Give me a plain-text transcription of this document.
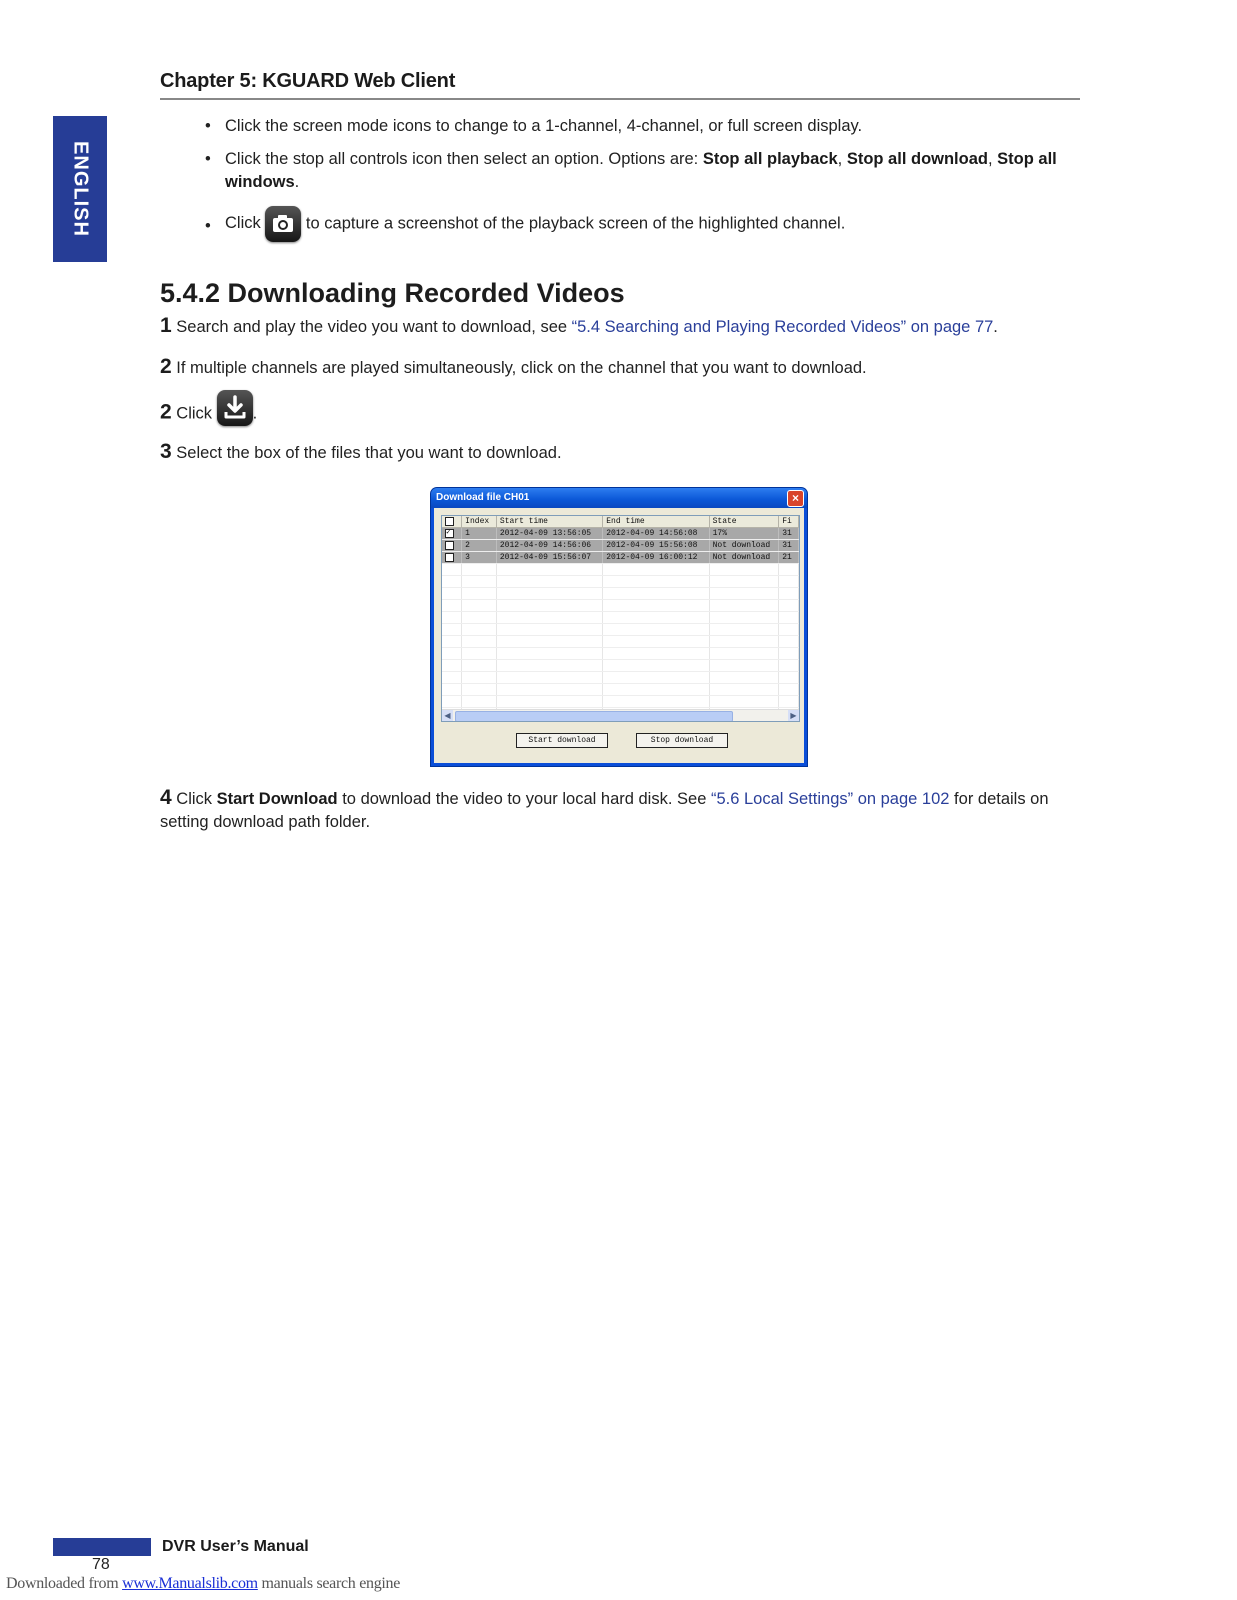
Chapter 5: KGUARD Web Client
ENGLISH
• Click the screen mode icons to change to a 1-channel, 4-channel, or full screen display.
• Click the stop all controls icon then select an option. Options are: Stop all playback, Stop all download, Stop all windows.
• Click  to capture a screenshot of the playback screen of the highlighted channel.
5.4.2 Downloading Recorded Videos
1 Search and play the video you want to download, see “5.4 Searching and Playing Recorded Videos” on page 77.
2 If multiple channels are played simultaneously, click on the channel that you want to download.
2 Click .
3 Select the box of the files that you want to download.
Download file CH01	×
	Index	Start time	End time	State	Fi
✓	1	2012-04-09 13:56:05	2012-04-09 14:56:08	17%	31
	2	2012-04-09 14:56:06	2012-04-09 15:56:08	Not download	31
	3	2012-04-09 15:56:07	2012-04-09 16:00:12	Not download	21

◀	▶
Start download	Stop download
4 Click Start Download to download the video to your local hard disk. See “5.6 Local Settings” on page 102 for details on setting download path folder.
DVR User’s Manual
78
Downloaded from www.Manualslib.com manuals search engine
